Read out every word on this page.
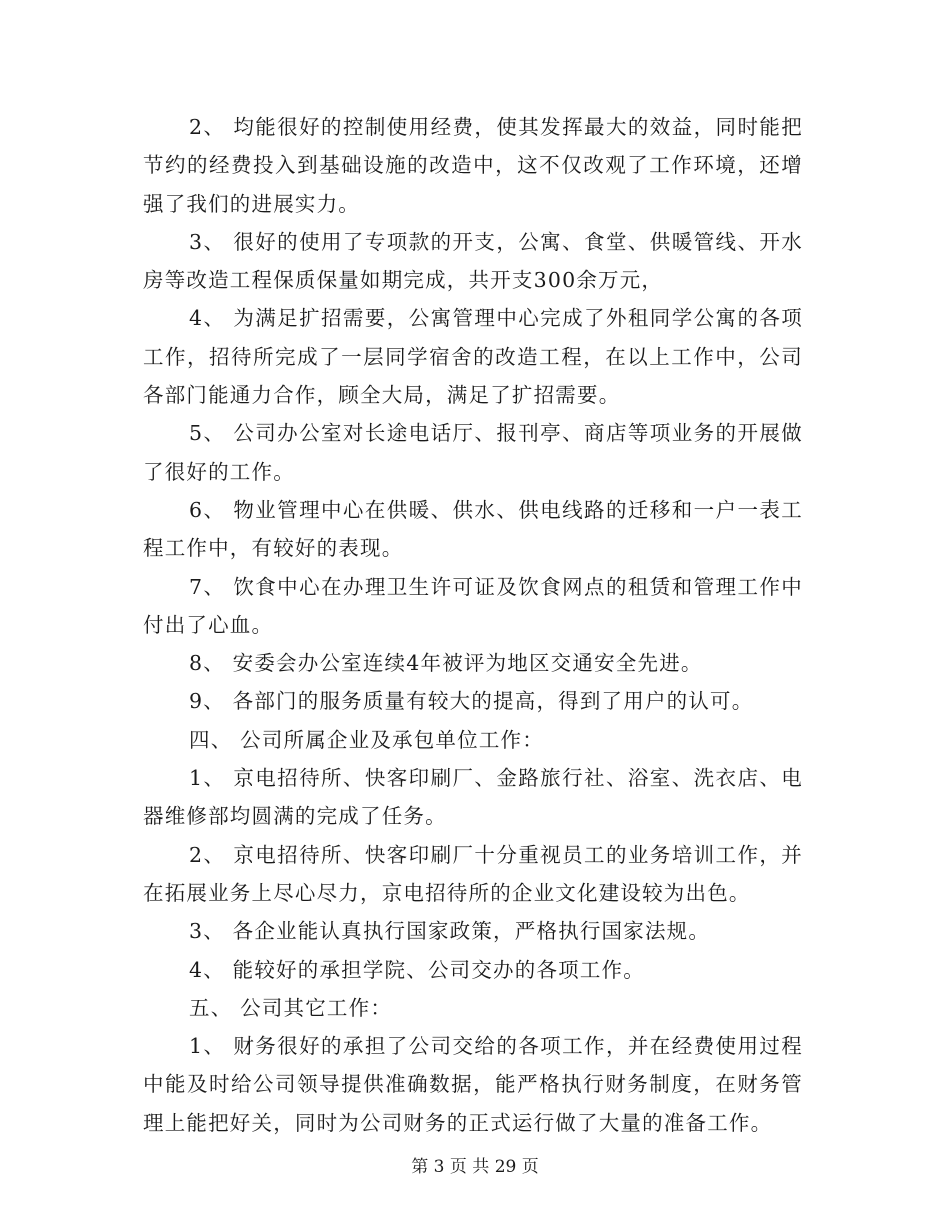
2、 均能很好的控制使用经费，使其发挥最大的效益，同时能把节约的经费投入到基础设施的改造中，这不仅改观了工作环境，还增强了我们的进展实力。

3、 很好的使用了专项款的开支，公寓、食堂、供暖管线、开水房等改造工程保质保量如期完成，共开支300余万元，

4、 为满足扩招需要，公寓管理中心完成了外租同学公寓的各项工作，招待所完成了一层同学宿舍的改造工程，在以上工作中，公司各部门能通力合作，顾全大局，满足了扩招需要。

5、 公司办公室对长途电话厅、报刊亭、商店等项业务的开展做了很好的工作。

6、 物业管理中心在供暖、供水、供电线路的迁移和一户一表工程工作中，有较好的表现。

7、 饮食中心在办理卫生许可证及饮食网点的租赁和管理工作中付出了心血。

8、 安委会办公室连续4年被评为地区交通安全先进。

9、 各部门的服务质量有较大的提高，得到了用户的认可。

四、 公司所属企业及承包单位工作：

1、 京电招待所、快客印刷厂、金路旅行社、浴室、洗衣店、电器维修部均圆满的完成了任务。

2、 京电招待所、快客印刷厂十分重视员工的业务培训工作，并在拓展业务上尽心尽力，京电招待所的企业文化建设较为出色。

3、 各企业能认真执行国家政策，严格执行国家法规。

4、 能较好的承担学院、公司交办的各项工作。

五、 公司其它工作：

1、 财务很好的承担了公司交给的各项工作，并在经费使用过程中能及时给公司领导提供准确数据，能严格执行财务制度，在财务管理上能把好关，同时为公司财务的正式运行做了大量的准备工作。

第 3 页 共 29 页
